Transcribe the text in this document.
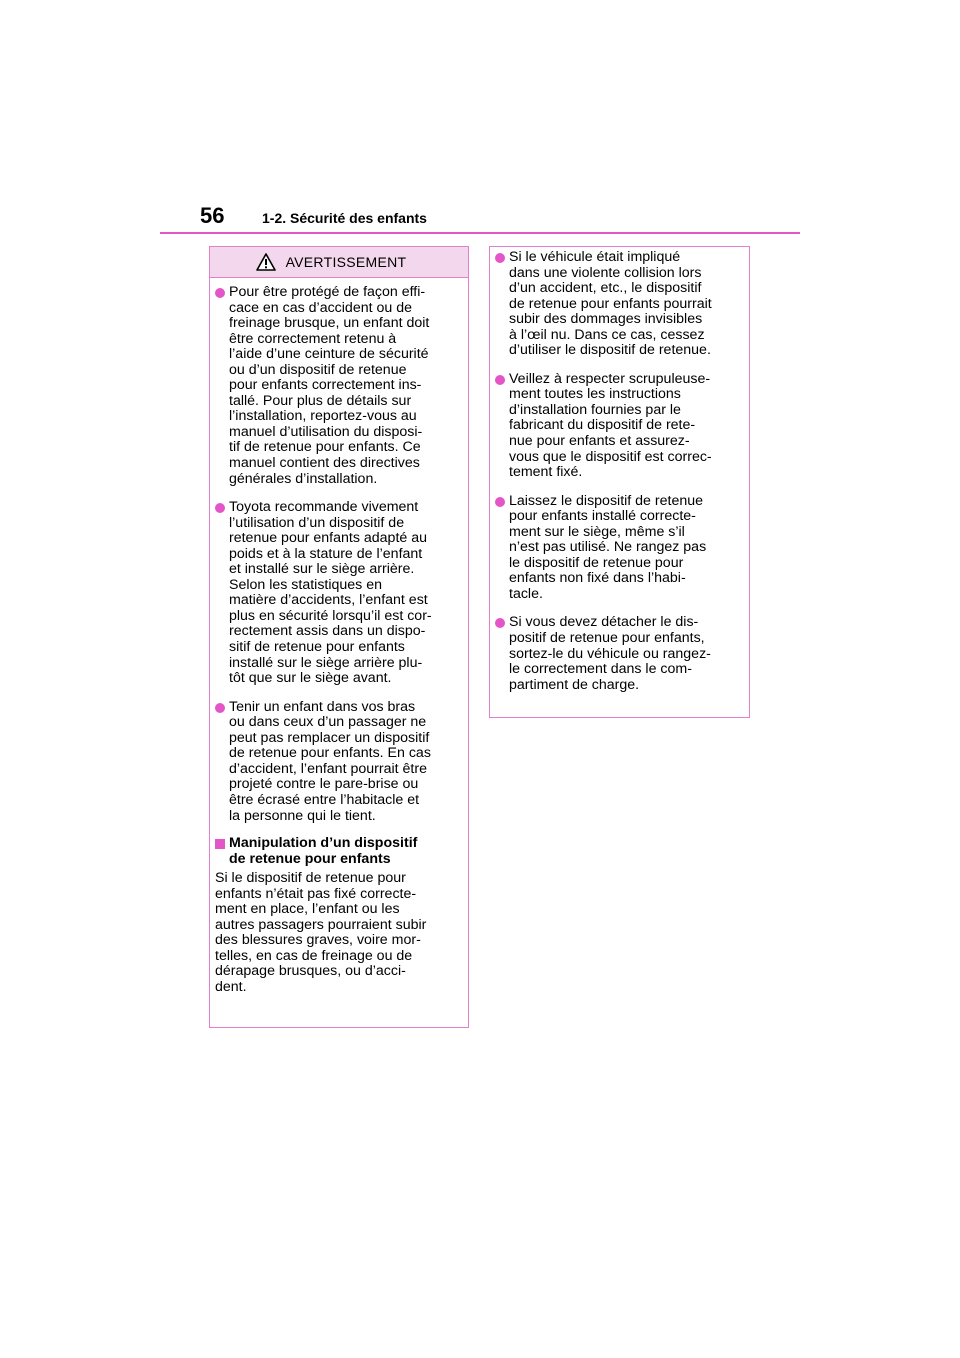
56	1-2. Sécurité des enfants
AVERTISSEMENT
Pour être protégé de façon effi-
cace en cas d’accident ou de
freinage brusque, un enfant doit
être correctement retenu à
l’aide d’une ceinture de sécurité
ou d’un dispositif de retenue
pour enfants correctement ins-
tallé. Pour plus de détails sur
l’installation, reportez-vous au
manuel d’utilisation du disposi-
tif de retenue pour enfants. Ce
manuel contient des directives
générales d’installation.
Toyota recommande vivement
l’utilisation d’un dispositif de
retenue pour enfants adapté au
poids et à la stature de l’enfant
et installé sur le siège arrière.
Selon les statistiques en
matière d’accidents, l’enfant est
plus en sécurité lorsqu’il est cor-
rectement assis dans un dispo-
sitif de retenue pour enfants
installé sur le siège arrière plu-
tôt que sur le siège avant.
Tenir un enfant dans vos bras
ou dans ceux d’un passager ne
peut pas remplacer un dispositif
de retenue pour enfants. En cas
d’accident, l’enfant pourrait être
projeté contre le pare-brise ou
être écrasé entre l’habitacle et
la personne qui le tient.
Manipulation d’un dispositif
de retenue pour enfants
Si le dispositif de retenue pour
enfants n’était pas fixé correcte-
ment en place, l’enfant ou les
autres passagers pourraient subir
des blessures graves, voire mor-
telles, en cas de freinage ou de
dérapage brusques, ou d’acci-
dent.
Si le véhicule était impliqué
dans une violente collision lors
d’un accident, etc., le dispositif
de retenue pour enfants pourrait
subir des dommages invisibles
à l’œil nu. Dans ce cas, cessez
d’utiliser le dispositif de retenue.
Veillez à respecter scrupuleuse-
ment toutes les instructions
d’installation fournies par le
fabricant du dispositif de rete-
nue pour enfants et assurez-
vous que le dispositif est correc-
tement fixé.
Laissez le dispositif de retenue
pour enfants installé correcte-
ment sur le siège, même s’il
n’est pas utilisé. Ne rangez pas
le dispositif de retenue pour
enfants non fixé dans l’habi-
tacle.
Si vous devez détacher le dis-
positif de retenue pour enfants,
sortez-le du véhicule ou rangez-
le correctement dans le com-
partiment de charge.
